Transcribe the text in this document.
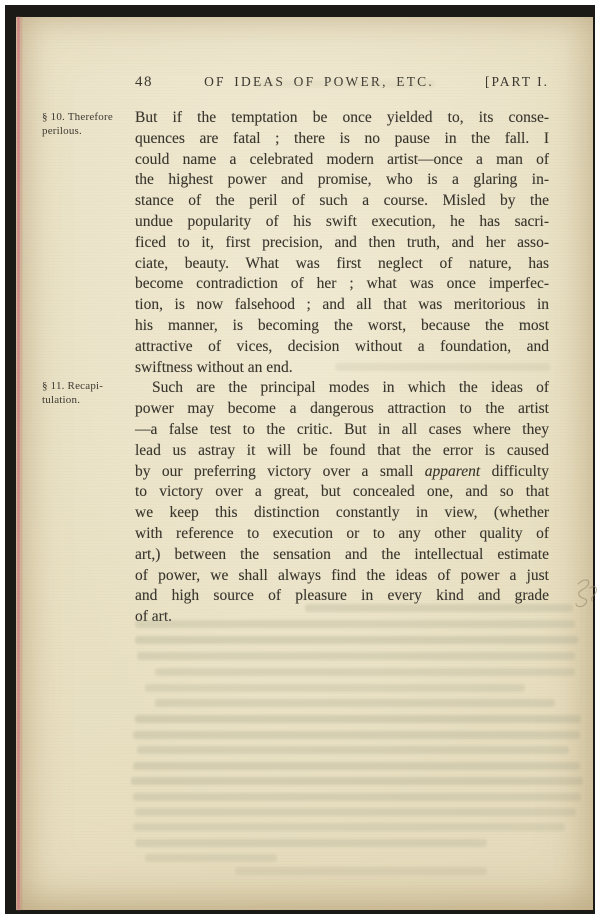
48	OF IDEAS OF POWER, ETC.	[PART I.
§ 10. Therefore
perilous.
§ 11. Recapi-
tulation.
But if the temptation be once yielded to, its conse-
quences are fatal ; there is no pause in the fall. I
could name a celebrated modern artist—once a man of
the highest power and promise, who is a glaring in-
stance of the peril of such a course. Misled by the
undue popularity of his swift execution, he has sacri-
ficed to it, first precision, and then truth, and her asso-
ciate, beauty. What was first neglect of nature, has
become contradiction of her ; what was once imperfec-
tion, is now falsehood ; and all that was meritorious in
his manner, is becoming the worst, because the most
attractive of vices, decision without a foundation, and
swiftness without an end.
Such are the principal modes in which the ideas of
power may become a dangerous attraction to the artist
—a false test to the critic. But in all cases where they
lead us astray it will be found that the error is caused
by our preferring victory over a small apparent difficulty
to victory over a great, but concealed one, and so that
we keep this distinction constantly in view, (whether
with reference to execution or to any other quality of
art,) between the sensation and the intellectual estimate
of power, we shall always find the ideas of power a just
and high source of pleasure in every kind and grade
of art.
